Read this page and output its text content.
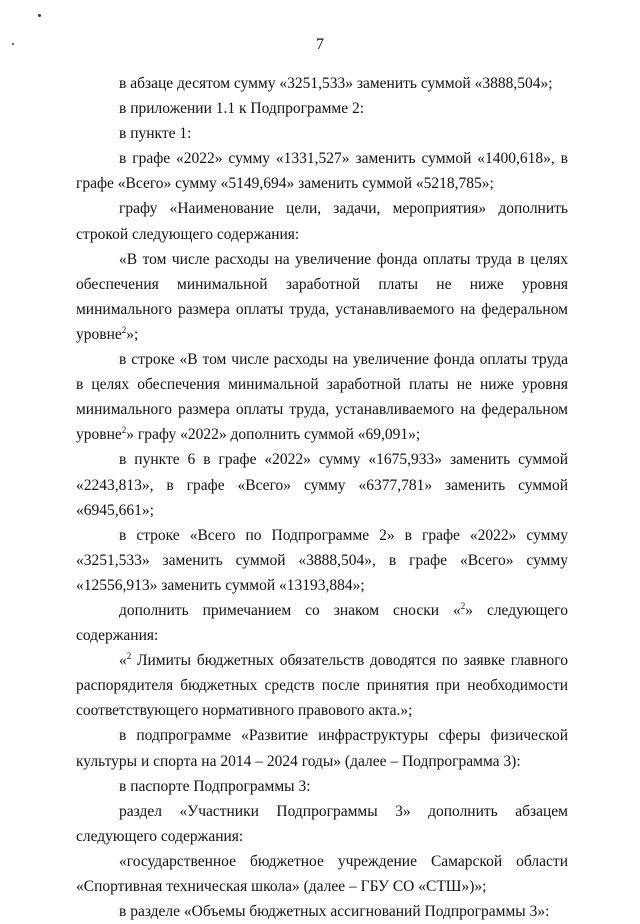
7

в абзаце десятом сумму «3251,533» заменить суммой «3888,504»;

в приложении 1.1 к Подпрограмме 2:

в пункте 1:

в графе «2022» сумму «1331,527» заменить суммой «1400,618», в графе «Всего» сумму «5149,694» заменить суммой «5218,785»;

графу «Наименование цели, задачи, мероприятия» дополнить строкой следующего содержания:

«В том числе расходы на увеличение фонда оплаты труда в целях обеспечения минимальной заработной платы не ниже уровня минимального размера оплаты труда, устанавливаемого на федеральном уровне$^2$»;

в строке «В том числе расходы на увеличение фонда оплаты труда в целях обеспечения минимальной заработной платы не ниже уровня минимального размера оплаты труда, устанавливаемого на федеральном уровне$^2$» графу «2022» дополнить суммой «69,091»;

в пункте 6 в графе «2022» сумму «1675,933» заменить суммой «2243,813», в графе «Всего» сумму «6377,781» заменить суммой «6945,661»;

в строке «Всего по Подпрограмме 2» в графе «2022» сумму «3251,533» заменить суммой «3888,504», в графе «Всего» сумму «12556,913» заменить суммой «13193,884»;

дополнить примечанием со знаком сноски «$^2$» следующего содержания:

«$^2$ Лимиты бюджетных обязательств доводятся по заявке главного распорядителя бюджетных средств после принятия при необходимости соответствующего нормативного правового акта.»;

в подпрограмме «Развитие инфраструктуры сферы физической культуры и спорта на 2014 – 2024 годы» (далее – Подпрограмма 3):

в паспорте Подпрограммы 3:

раздел «Участники Подпрограммы 3» дополнить абзацем следующего содержания:

«государственное бюджетное учреждение Самарской области «Спортивная техническая школа» (далее – ГБУ СО «СТШ»)»;

в разделе «Объемы бюджетных ассигнований Подпрограммы 3»:
